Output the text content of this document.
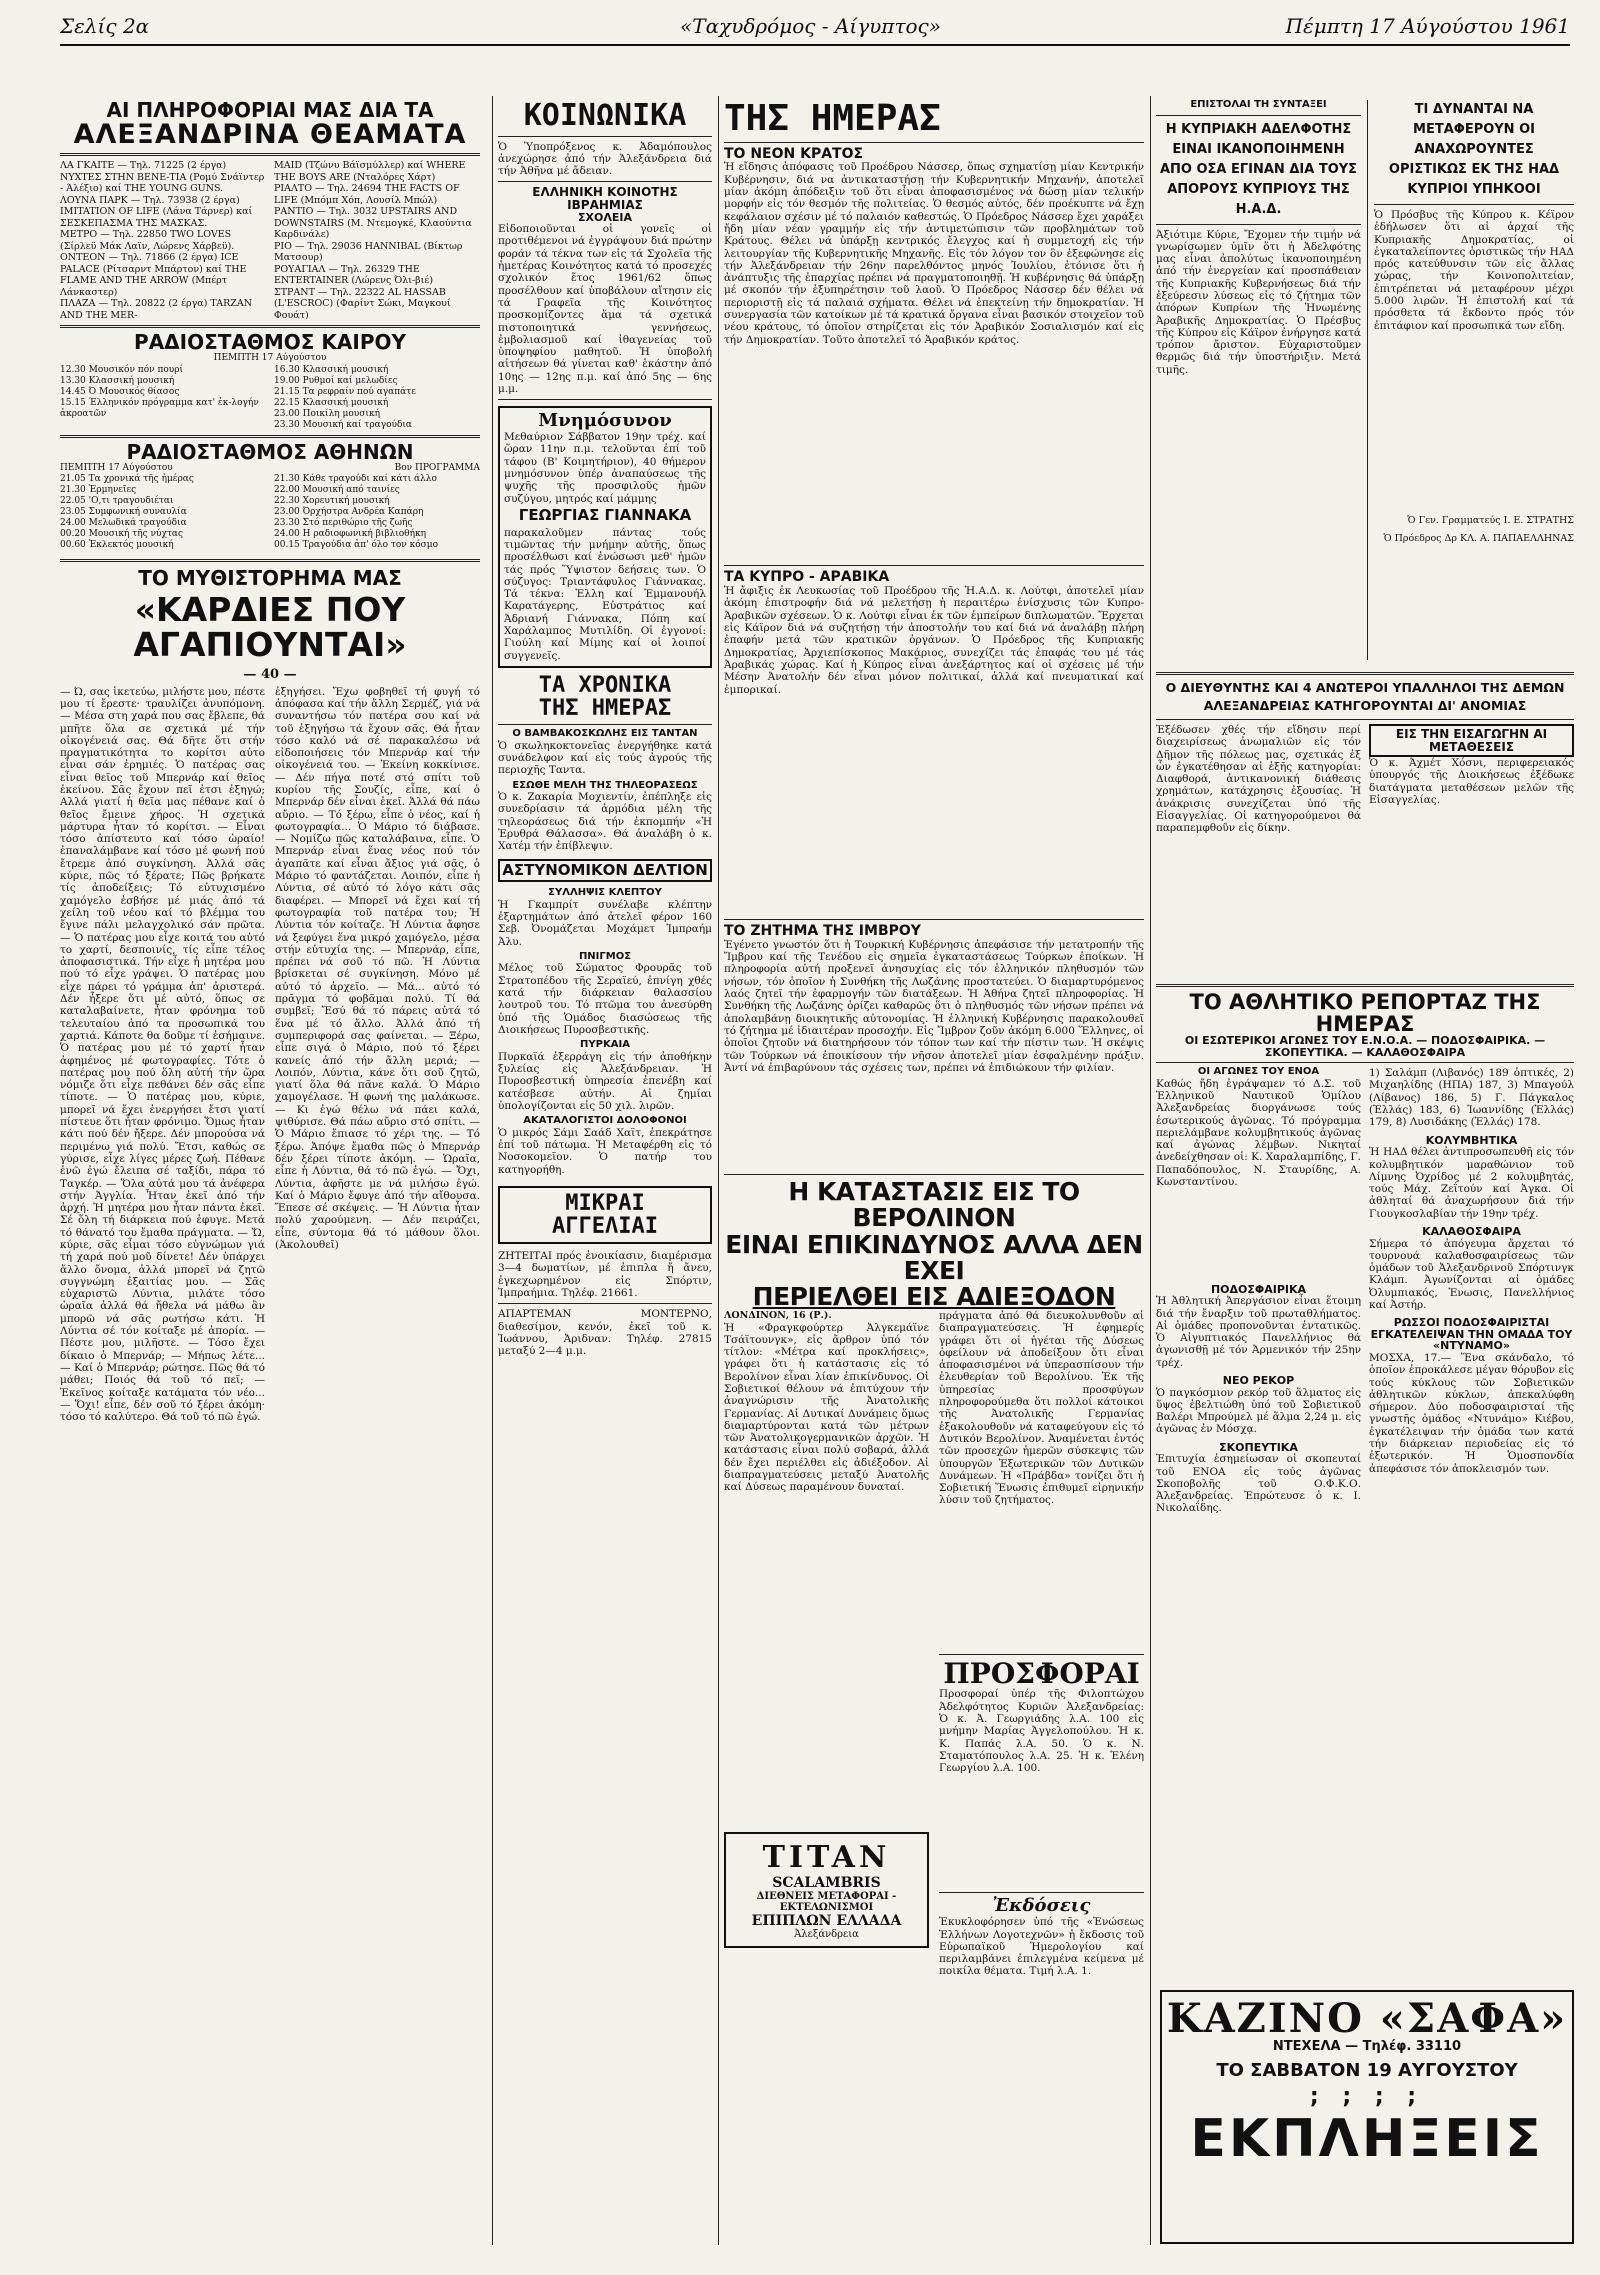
Σελίς 2α	«Ταχυδρόμος - Αίγυπτος»	Πέμπτη 17 Αύγούστου 1961
ΑΙ ΠΛΗΡΟΦΟΡΙΑΙ ΜΑΣ ΔΙΑ ΤΑ
ΑΛΕΞΑΝΔΡΙΝΑ ΘΕΑΜΑΤΑ
ΛΑ ΓΚΑΙΤΕ — Τηλ. 71225 (2 έργα) ΝΥΧΤΕΣ ΣΤΗΝ ΒΕΝΕ-ΤΙΑ (Ρομύ Σνάϊντερ - Άλέξιο) καί THE YOUNG GUNS.
ΛΟΥΝΑ ΠΑΡΚ — Τηλ. 73938 (2 έργα) IMITATION OF LIFE (Λάνα Τάρνερ) καί ΣΕΣΚΕΠΑΣΜΑ ΤΗΣ ΜΑΣΚΑΣ.
ΜΕΤΡΟ — Τηλ. 22850 TWO LOVES (Σίρλεϋ Μάκ Λαϊν, Λώρενς Χάρβεϋ).
ΟΝΤΕΟΝ — Τηλ. 71866 (2 έργα) ICE PALACE (Ρίτσαρντ Μπάρτον) καί THE FLAME AND THE ARROW (Μπέρτ Λάνκαστερ)
ΠΛΑΖΑ — Τηλ. 20822 (2 έργα) TARZAN AND THE MER-
MAID (Τζώνυ Βάϊσμύλλερ) καί WHERE THE BOYS ARE (Νταλόρες Χάρτ)
ΡΙΑΛΤΟ — Τηλ. 24694 THE FACTS OF LIFE (Μπόμπ Χόπ, Λουσίλ Μπώλ)
ΡΑΝΤΙΟ — Τηλ. 3032 UPSTAIRS AND DOWNSTAIRS (Μ. Ντεμογκέ, Κλαούντια Καρδινάλε)
ΡΙΟ — Τηλ. 29036 HANNIBAL (Βίκτωρ Ματσουρ)
ΡΟΥΑΓΙΑΛ — Τηλ. 26329 THE ENTERTAINER (Λώρενς Όλι-βιέ)
ΣΤΡΑΝΤ — Τηλ. 22322 AL HASSAB (L'ESCROC) (Φαρίντ Σώκι, Μαγκουί Φουάτ)
ΡΑΔΙΟΣΤΑΘΜΟΣ ΚΑΙΡΟΥ
ΠΕΜΠΤΗ 17 Αύγούστου
12.30 Μουσικόν πόν πουρί
13.30 Κλασσική μουσική
14.45 Ό Μουσικός θίασος
15.15 Έλληνικόν πρόγραμμα κατ' ἐκ-λογήν ἀκροατῶν
16.30 Κλασσική μουσική
19.00 Ρυθμοί καί μελωδίες
21.15 Τα ρεφραίν πού αγαπάτε
22.15 Κλασσική μουσική
23.00 Ποικίλη μουσική
23.30 Μουσική καί τραγούδια
ΡΑΔΙΟΣΤΑΘΜΟΣ ΑΘΗΝΩΝ
ΠΕΜΠΤΗ 17 Αύγούστου	Βον ΠΡΟΓΡΑΜΜΑ
21.05 Τα χρονικά τῆς ἡμέρας
21.30 Ἐρμηνεῖες
22.05 'Ο,τι τραγουδιέται
23.05 Συμφωνική συναυλία
24.00 Μελωδικά τραγούδια
00.20 Μουσική τῆς νύχτας
00.60 Ἐκλεκτός μουσική
21.30 Κάθε τραγούδι καί κάτι άλλο
22.00 Μουσική από ταινίες
22.30 Χορευτική μουσική
23.00 Όρχήστρα Ανδρέα Καπάρη
23.30 Στό περιθώριο τῆς ζωῆς
24.00 Η ραδιοφωνική βιβλιοθήκη
00.15 Τραγούδια ἀπ' όλο τον κόσμο
ΤΟ ΜΥΘΙΣΤΟΡΗΜΑ ΜΑΣ
«ΚΑΡΔΙΕΣ ΠΟΥ ΑΓΑΠΙΟΥΝΤΑΙ»
— 40 —
— Ώ, σας ἱκετεύω, μιλήστε μου, πέστε μου τί ἔρεστε· τραυλίζει ἀνυπόμονη. — Μέσα στη χαρά που σας ἔβλεπε, θά μπῆτε ὅλα σε σχετικά μέ τήν οἰκογένειά σας. Θά δῆτε ὅτι στήν πραγματικότητα το κορίτσι αὐτο εἶναι σάν ἐρημιές. Ὁ πατέρας σας εἶναι θεῖος τοῦ Μπερνάρ καί θεῖος ἐκείνου. Σᾶς ἔχουν πεῖ ἐτσι ἐξηγώ; Αλλά γιατί ἡ θεῖα μας πέθανε καί ὁ θεῖος ἔμεινε χήρος. Ἡ σχετικά μάρτυρα ἦταν τό κορίτσι. — Εἶναι τόσο ἀπίστευτο καί τόσο ὡραίο! ἐπαναλάμβανε καί τόσο μέ φωνή πού ἔτρεμε ἀπό συγκίνηση. Ἀλλά σᾶς κύριε, πῶς τό ξέρατε; Πῶς βρήκατε τίς ἀποδείξεις; Τό εὐτυχισμένο χαμόγελο ἐσβήσε μέ μιάς ἀπό τά χείλη τοῦ νέου καί τό βλέμμα του ἔγινε πάλι μελαγχολικό σάν πρῶτα. — Ὁ πατέρας μου εἶχε κοιτά του αὐτό το χαρτί, δεσποινίς, τίς εἶπε τέλος ἀποφασιστικά. Τήν εἶχε ἡ μητέρα μου πού τό εἶχε γράψει. Ὁ πατέρας μου εἶχε πάρει τό γράμμα ἀπ' ἀριστερά. Δέν ἦξερε ὅτι μέ αὐτό, ὅπως σε καταλαβαίνετε, ἦταν φρόνημα τοῦ τελευταίου ἀπό τα προσωπικά του χαρτιά. Κάποτε θα δοῦμε τί ἐσήμαινε. Ὁ πατέρας μου μέ τό χαρτί ἦταν ἀφημένος μέ φωτογραφίες. Τότε ὁ πατέρας μου πού ὅλη αὐτή τήν ὥρα νόμιζε ὅτι εἶχε πεθάνει δέν σᾶς εἶπε τίποτε. — Ὁ πατέρας μου, κύριε, μπορεῖ νά ἔχει ἐνεργήσει ἔτσι γιατί πίστευε ὅτι ἦταν φρόνιμο. Ὅμως ἦταν κάτι πού δέν ἤξερε. Δέν μπορούσα νά περιμένω γιά πολύ. Ἔτσι, καθώς σε γύρισε, εἶχε λίγες μέρες ζωή. Πέθανε ἐνῶ ἐγώ ἔλειπα σέ ταξίδι, πάρα τό Ταγκέρ. — Ὅλα αὐτά μου τά ἀνέφερα στήν Ἀγγλία. Ἦταν ἐκεῖ ἀπό τήν ἀρχή. Ἡ μητέρα μου ἦταν πάντα ἐκεῖ. Σέ ὅλη τή διάρκεια πού ἐφυγε. Μετά τό θάνατό του ἔμαθα πράγματα. — Ὤ, κύριε, σᾶς εἶμαι τόσο εὐγνώμων γιά τή χαρά πού μοῦ δίνετε! Δέν ὑπάρχει ἄλλο ὄνομα, ἀλλά μπορεῖ νά ζητῶ συγγνώμη ἐξαιτίας μου. — Σᾶς εὐχαριστῶ Λύντια, μιλάτε τόσο ὡραῖα ἀλλά θά ἤθελα νά μάθω ἂν μπορῶ νά σᾶς ρωτήσω κάτι. Ἡ Λύντια σέ τόν κοίταξε μέ ἀπορία. — Πέστε μου, μιλῆστε. — Τόσο ἔχει δίκαιο ὁ Μπερνάρ; — Μήπως λέτε... — Καί ὁ Μπερνάρ; ρώτησε. Πῶς θά τό μάθει; Ποιός θά τοῦ τό πεῖ; — Ἐκεῖνος κοίταξε κατάματα τόν νέο... — Ὅχι! εἶπε, δέν σοῦ τό ξέρει ἀκόμη· τόσο τό καλύτερο. Θά τοῦ τό πῶ ἐγώ.
ἐξηγήσει. Ἔχω φοβηθεῖ τή φυγή τό ἀπόφασα καί τήν ἄλλη Σερμέζ, γιά νά συναντήσω τόν πατέρα σου καί νά τοῦ ἐξηγήσω τά ἔχουν σᾶς. Θά ἦταν τόσο καλό νά σέ παρακαλέσω νά εἰδοποιήσεις τόν Μπερνάρ καί τήν οἰκογένειά του. — Ἐκείνη κοκκίνισε. — Δέν πήγα ποτέ στό σπίτι τοῦ κυρίου τῆς Σουζίς, εἶπε, καί ὁ Μπερνάρ δέν εἶναι ἐκεῖ. Ἀλλά θά πάω αὔριο. — Τό ξέρω, εἶπε ὁ νέος, καί ἡ φωτογραφία... Ὁ Μάριο τό διάβασε. — Νομίζω πῶς καταλάβαινα, εἶπε. Ὁ Μπερνάρ εἶναι ἕνας νέος πού τόν ἀγαπᾶτε καί εἶναι ἄξιος γιά σᾶς, ὁ Μάριο τό φαντάζεται. Λοιπόν, εἶπε ἡ Λύντια, σέ αὐτό τό λόγο κάτι σᾶς διαφέρει. — Μπορεῖ νά ἔχει καί τή φωτογραφία τοῦ πατέρα του; Ἡ Λύντια τόν κοίταζε. Ἡ Λύντια ἄφησε νά ξεφύγει ἕνα μικρό χαμόγελο, μέσα στήν εὐτυχία της. — Μπερνάρ, εἶπε, πρέπει νά σοῦ τό πῶ. Ἡ Λύντια βρίσκεται σέ συγκίνηση. Μόνο μέ αὐτό τό ἀρχεῖο. — Μά... αὐτό τό πρᾶγμα τό φοβᾶμαι πολύ. Τί θά συμβεῖ; Ἔσύ θά τό πάρεις αὐτά τό ἕνα μέ τό ἄλλο. Ἀλλά ἀπό τή συμπεριφορά σας φαίνεται. — Ξέρω, εἶπε σιγά ὁ Μάριο, πού τό ξέρει κανείς ἀπό τήν ἄλλη μεριά; — Λοιπόν, Λύντια, κάνε ὅτι σοῦ ζητῶ, γιατί ὅλα θά πᾶνε καλά. Ὁ Μάριο χαμογέλασε. Ἡ φωνή της μαλάκωσε. — Κι ἐγώ θέλω νά πάει καλά, ψιθύρισε. Θά πάω αὔριο στό σπίτι. — Ὁ Μάριο ἔπιασε τό χέρι της. — Τό ξέρω. Ἀπόψε ἔμαθα πῶς ὁ Μπερνάρ δέν ξέρει τίποτε ἀκόμη. — Ὡραῖα, εἶπε ἡ Λύντια, θά τό πῶ ἐγώ. — Ὄχι, Λύντια, ἀφῆστε με νά μιλήσω ἐγώ. Καί ὁ Μάριο ἔφυγε ἀπό τήν αἴθουσα. Ἔπεσε σέ σκέψεις. — Ἡ Λύντια ἦταν πολύ χαρούμενη. — Δέν πειράζει, εἶπε, σύντομα θά τό μάθουν ὅλοι. (Ἀκολουθεῖ)
ΚΟΙΝΩΝΙΚΑ
Ὁ Ὑποπρόξενος κ. Ἀδαμόπουλος ἀνεχώρησε ἀπό τήν Ἀλεξάνδρεια διά τήν Ἀθῆνα μέ ἄδειαν.
ΕΛΛΗΝΙΚΗ ΚΟΙΝΟΤΗΣ ΙΒΡΑΗΜΙΑΣ
ΣΧΟΛΕΙΑ
Εἰδοποιοῦνται οἱ γονεῖς οἱ προτιθέμενοι νά ἐγγράψουν διά πρώτην φοράν τά τέκνα των εἰς τά Σχολεῖα τῆς ἡμετέρας Κοινότητος κατά τό προσεχές σχολικόν ἔτος 1961/62 ὅπως προσέλθουν καί ὑποβάλουν αἴτησιν εἰς τά Γραφεῖα τῆς Κοινότητος προσκομίζοντες ἅμα τά σχετικά πιστοποιητικά γεννήσεως, ἐμβολιασμοῦ καί ἰθαγενείας τοῦ ὑποψηφίου μαθητοῦ. Ἡ ὑποβολή αἰτήσεων θά γίνεται καθ' ἑκάστην ἀπό 10ης — 12ης π.μ. καί ἀπό 5ης — 6ης μ.μ.
Μνημόσυνον
Μεθαύριον Σάββατον 19ην τρέχ. καί ὥραν 11ην π.μ. τελοῦνται ἐπί τοῦ τάφου (Β' Κοιμητήριον), 40 θήμερον μνημόσυνον ὑπέρ ἀναπαύσεως τῆς ψυχῆς τῆς προσφιλοῦς ἡμῶν συζύγου, μητρός καί μάμμης
ΓΕΩΡΓΙΑΣ ΓΙΑΝΝΑΚΑ
παρακαλοῦμεν πάντας τούς τιμῶντας τήν μνήμην αὐτῆς, ὅπως προσέλθωσι καί ἑνώσωσι μεθ' ἡμῶν τάς πρός Ὕψιστον δεήσεις των. Ὁ σύζυγος: Τριαντάφυλος Γιάννακας. Τά τέκνα: Ἐλλη καί Ἐμμανουήλ Καρατάγερης, Εὐστράτιος καί Ἀδριανή Γιάννακα, Πόπη καί Χαράλαμπος Μυτιλίδη. Οἱ ἐγγονοί: Γιούλη καί Μίμης καί οἱ λοιποί συγγενεῖς.
ΤΑ ΧΡΟΝΙΚΑ
ΤΗΣ ΗΜΕΡΑΣ
Ο ΒΑΜΒΑΚΟΣΚΩΛΗΣ ΕΙΣ ΤΑΝΤΑΝ
Ὁ σκωληκοκτονεῖας ἐνεργήθηκε κατά συνάδελφον καί εἰς τούς ἀγρούς τῆς περιοχῆς Ταντα.
ΕΣΩΘΕ ΜΕΛΗ ΤΗΣ ΤΗΛΕΟΡΑΣΕΩΣ
Ὁ κ. Ζακαρία Μοχιεντίν, ἐπέπληξε εἰς συνεδρίασιν τά ἀρμόδια μέλη τῆς τηλεοράσεως διά τήν ἐκπομπήν «Ἡ Ἐρυθρά Θάλασσα». Θά ἀναλάβη ὁ κ. Χατέμ τήν ἐπίβλεψιν.
ΑΣΤΥΝΟΜΙΚΟΝ ΔΕΛΤΙΟΝ
ΣΥΛΛΗΨΙΣ ΚΛΕΠΤΟΥ
Ἡ Γκαμπρίτ συνέλαβε κλέπτην ἐξαρτημάτων ἀπό ἀτελεῖ φέρον 160 Σεβ. Ὀνομάζεται Μοχάμετ Ἰμπραήμ Ἀλυ.
ΠΝΙΓΜΟΣ
Μέλος τοῦ Σώματος Φρουρᾶς τοῦ Στρατοπέδου τῆς Σεραϊεύ, ἐπνίγη χθές κατά τήν διάρκειαν θαλασσίου λουτροῦ του. Τό πτῶμα του ἀνεσύρθη ὑπό τῆς Ὁμάδος διασώσεως τῆς Διοικήσεως Πυροσβεστικῆς.
ΠΥΡΚΑΙΑ
Πυρκαϊά ἐξερράγη εἰς τήν ἀποθήκην ξυλείας εἰς Ἀλεξάνδρειαν. Ἡ Πυροσβεστική ὑπηρεσία ἐπενέβη καί κατέσβεσε αὐτήν. Αἱ ζημίαι ὑπολογίζονται εἰς 50 χιλ. λιρῶν.
ΑΚΑΤΑΛΟΓΙΣΤΟΙ ΔΟΛΟΦΟΝΟΙ
Ὁ μικρός Σάμι Σαάδ Χαϊτ, ἐπεκράτησε ἐπί τοῦ πάτωμα. Ἡ Μεταφέρθη εἰς τό Νοσοκομεῖον. Ὁ πατήρ του κατηγορήθη.
ΜΙΚΡΑΙ
ΑΓΓΕΛΙΑΙ
ΖΗΤΕΙΤΑΙ πρός ἐνοικίασιν, διαμέρισμα 3—4 δωματίων, μέ ἐπιπλα ἤ ἄνευ, ἐγκεχωρημένον εἰς Σπόρτιν, Ἰμπραήμια. Τηλέφ. 21661.
ΑΠΑΡΤΕΜΑΝ ΜΟΝΤΕΡΝΟ, διαθεσίμον, κενόν, ἐκεῖ τοῦ κ. Ἰωάννου, Ἀριδναν. Τηλέφ. 27815 μεταξύ 2—4 μ.μ.
ΤΗΣ ΗΜΕΡΑΣ
ΤΟ ΝΕΟΝ ΚΡΑΤΟΣ
Ἡ εἴδησις ἀπόφασις τοῦ Προέδρου Νάσσερ, ὅπως σχηματίσῃ μίαν Κεντρικήν Κυβέρνησιν, διά να ἀντικαταστήσῃ τήν Κυβερνητικήν Μηχανήν, ἀποτελεῖ μίαν ἀκόμη ἀπόδειξιν τοῦ ὅτι εἶναι ἀποφασισμένος νά δώσῃ μίαν τελικήν μορφήν εἰς τόν θεσμόν τῆς πολιτείας. Ὁ θεσμός αὐτός, δέν προέκυπτε νά ἔχῃ κεφάλαιον σχέσιν μέ τό παλαιόν καθεστώς. Ὁ Πρόεδρος Νάσσερ ἔχει χαράξει ἤδη μίαν νέαν γραμμήν εἰς τήν ἀντιμετώπισιν τῶν προβλημάτων τοῦ Κράτους. Θέλει νά ὑπάρξῃ κεντρικός ἔλεγχος καί ἡ συμμετοχή εἰς τήν λειτουργίαν τῆς Κυβερνητικῆς Μηχανῆς. Εἰς τόν λόγον τον ὃν ἐξεφώνησε εἰς τήν Ἀλεξάνδρειαν τήν 26ην παρελθόντος μηνός Ἰουλίου, ἐτόνισε ὅτι ἡ ἀνάπτυξις τῆς ἐπαρχίας πρέπει νά πραγματοποιηθῇ. Ἡ κυβέρνησις θά ὑπάρξῃ μέ σκοπόν τήν ἐξυπηρέτησιν τοῦ λαοῦ. Ὁ Πρόεδρος Νάσσερ δέν θέλει νά περιοριστῇ εἰς τά παλαιά σχήματα. Θέλει νά ἐπεκτείνῃ τήν δημοκρατίαν. Ἡ συνεργασία τῶν κατοίκων μέ τά κρατικά ὄργανα εἶναι βασικόν στοιχεῖον τοῦ νέου κράτους, τό ὁποῖον στηρίζεται εἰς τόν Ἀραβικόν Σοσιαλισμόν καί εἰς τήν Δημοκρατίαν. Τοῦτο ἀποτελεῖ τό Ἀραβικόν κράτος.
ΤΑ ΚΥΠΡΟ - ΑΡΑΒΙΚΑ
Ἡ ἄφιξις ἐκ Λευκωσίας τοῦ Προέδρου τῆς Ἠ.Α.Δ. κ. Λούτφι, ἀποτελεῖ μίαν ἀκόμη ἐπιστροφήν διά νά μελετήσῃ ἡ περαιτέρω ἐνίσχυσις τῶν Κυπρο-Ἀραβικῶν σχέσεων. Ὁ κ. Λούτφι εἶναι ἐκ τῶν ἐμπείρων διπλωματῶν. Ἔρχεται εἰς Κάϊρον διά νά συζητήσῃ τήν ἀποστολήν του καί διά νά ἀναλάβῃ πλήρη ἐπαφήν μετά τῶν κρατικῶν ὀργάνων. Ὁ Πρόεδρος τῆς Κυπριακῆς Δημοκρατίας, Ἀρχιεπίσκοπος Μακάριος, συνεχίζει τάς ἐπαφάς του μέ τάς Ἀραβικάς χώρας. Καί ἡ Κύπρος εἶναι ἀνεξάρτητος καί οἱ σχέσεις μέ τήν Μέσην Ἀνατολήν δέν εἶναι μόνον πολιτικαί, ἀλλά καί πνευματικαί καί ἐμπορικαί.
ΤΟ ΖΗΤΗΜΑ ΤΗΣ ΙΜΒΡΟΥ
Ἐγένετο γνωστόν ὅτι ἡ Τουρκική Κυβέρνησις ἀπεφάσισε τήν μετατροπήν τῆς Ἴμβρου καί τῆς Τενέδου εἰς σημεῖα ἐγκαταστάσεως Τούρκων ἐποίκων. Ἡ πληροφορία αὐτή προξενεῖ ἀνησυχίας εἰς τόν ἑλληνικόν πληθυσμόν τῶν νήσων, τόν ὁποῖον ἡ Συνθήκη τῆς Λωζάνης προστατεύει. Ὁ διαμαρτυρόμενος λαός ζητεῖ τήν ἐφαρμογήν τῶν διατάξεων. Ἡ Ἀθήνα ζητεῖ πληροφορίας. Ἡ Συνθήκη τῆς Λωζάνης ὁρίζει καθαρῶς ὅτι ὁ πληθυσμός τῶν νήσων πρέπει νά ἀπολαμβάνῃ διοικητικῆς αὐτονομίας. Ἡ ἑλληνική Κυβέρνησις παρακολουθεῖ τό ζήτημα μέ ἰδιαιτέραν προσοχήν. Εἰς Ἴμβρον ζοῦν ἀκόμη 6.000 Ἕλληνες, οἱ ὁποῖοι ζητοῦν νά διατηρήσουν τόν τόπον των καί τήν πίστιν των. Ἡ σκέψις τῶν Τούρκων νά ἐποικίσουν τήν νῆσον ἀποτελεῖ μίαν ἐσφαλμένην πράξιν. Ἀντί νά ἐπιβαρύνουν τάς σχέσεις των, πρέπει νά ἐπιδιώκουν τήν φιλίαν.
Η ΚΑΤΑΣΤΑΣΙΣ ΕΙΣ ΤΟ ΒΕΡΟΛΙΝΟΝ
ΕΙΝΑΙ ΕΠΙΚΙΝΔΥΝΟΣ ΑΛΛΑ ΔΕΝ ΕΧΕΙ
ΠΕΡΙΕΛΘΕΙ ΕΙΣ ΑΔΙΕΞΟΔΟΝ
ΛΟΝΔΙΝΟΝ, 16 (Ρ.).
Ἡ «Φραγκφούρτερ Ἀλγκεμάϊνε Τσάϊτουνγκ», εἰς ἄρθρον ὑπό τόν τίτλον: «Μέτρα καί προκλήσεις», γράφει ὅτι ἡ κατάστασις εἰς τό Βερολίνον εἶναι λίαν ἐπικίνδυνος. Οἱ Σοβιετικοί θέλουν νά ἐπιτύχουν τήν ἀναγνώρισιν τῆς Ἀνατολικῆς Γερμανίας. Αἱ Δυτικαί Δυνάμεις ὅμως διαμαρτύρονται κατά τῶν μέτρων τῶν Ἀνατολικογερμανικῶν ἀρχῶν. Ἡ κατάστασις εἶναι πολύ σοβαρά, ἀλλά δέν ἔχει περιέλθει εἰς ἀδιέξοδον. Αἱ διαπραγματεύσεις μεταξύ Ἀνατολῆς καί Δύσεως παραμένουν δυναταί.
TITAN
SCALAMBRIS
ΔΙΕΘΝΕΙΣ ΜΕΤΑΦΟΡΑΙ - ΕΚΤΕΛΩΝΙΣΜΟΙ
ΕΠΙΠΛΩΝ ΕΛΛΑΔΑ
Ἀλεξάνδρεια
πράγματα ἀπό θά διευκολυνθοῦν αἱ διαπραγματεύσεις. Ἡ ἐφημερίς γράφει ὅτι οἱ ἡγέται τῆς Δύσεως ὀφείλουν νά ἀποδείξουν ὅτι εἶναι ἀποφασισμένοι νά ὑπερασπίσουν τήν ἐλευθερίαν τοῦ Βερολίνου. Ἐκ τῆς ὑπηρεσίας προσφύγων πληροφορούμεθα ὅτι πολλοί κάτοικοι τῆς Ἀνατολικῆς Γερμανίας ἐξακολουθοῦν νά καταφεύγουν εἰς τό Δυτικόν Βερολίνον. Ἀναμένεται ἐντός τῶν προσεχῶν ἡμερῶν σύσκεψις τῶν ὑπουργῶν Ἐξωτερικῶν τῶν Δυτικῶν Δυνάμεων. Ἡ «Πράβδα» τονίζει ὅτι ἡ Σοβιετική Ἕνωσις ἐπιθυμεῖ εἰρηνικήν λύσιν τοῦ ζητήματος.
ΠΡΟΣΦΟΡΑΙ
Προσφοραί ὑπέρ τῆς Φιλοπτώχου Ἀδελφότητος Κυριῶν Ἀλεξανδρείας: Ὁ κ. Ἀ. Γεωργιάδης λ.Α. 100 εἰς μνήμην Μαρίας Ἀγγελοπούλου. Ἡ κ. Κ. Παπάς λ.Α. 50. Ὁ κ. Ν. Σταματόπουλος λ.Α. 25. Ἡ κ. Ἑλένη Γεωργίου λ.Α. 100.
Ἐκδόσεις
Ἐκυκλοφόρησεν ὑπό τῆς «Ἑνώσεως Ἑλλήνων Λογοτεχνῶν» ἡ ἔκδοσις τοῦ Εὐρωπαϊκοῦ Ἡμερολογίου καί περιλαμβάνει ἐπιλεγμένα κείμενα μέ ποικίλα θέματα. Τιμή λ.Α. 1.
ΕΠΙΣΤΟΛΑΙ ΤΗ ΣΥΝΤΑΞΕΙ
Η ΚΥΠΡΙΑΚΗ ΑΔΕΛΦΟΤΗΣ ΕΙΝΑΙ ΙΚΑΝΟΠΟΙΗΜΕΝΗ ΑΠΟ ΟΣΑ ΕΓΙΝΑΝ ΔΙΑ ΤΟΥΣ ΑΠΟΡΟΥΣ ΚΥΠΡΙΟΥΣ ΤΗΣ Η.Α.Δ.
Ἀξιότιμε Κύριε, Ἔχομεν τήν τιμήν νά γνωρίσωμεν ὑμῖν ὅτι ἡ Ἀδελφότης μας εἶναι ἀπολύτως ἱκανοποιημένη ἀπό τήν ἐνεργείαν καί προσπάθειαν τῆς Κυπριακῆς Κυβερνήσεως διά τήν ἐξεύρεσιν λύσεως εἰς τό ζήτημα τῶν ἀπόρων Κυπρίων τῆς Ἠνωμένης Ἀραβικῆς Δημοκρατίας. Ὁ Πρέσβυς τῆς Κύπρου εἰς Κάϊρον ἐνήργησε κατά τρόπον ἄριστον. Εὐχαριστοῦμεν θερμῶς διά τήν ὑποστήριξιν. Μετά τιμῆς.
ΤΙ ΔΥΝΑΝΤΑΙ ΝΑ ΜΕΤΑΦΕΡΟΥΝ ΟΙ ΑΝΑΧΩΡΟΥΝΤΕΣ ΟΡΙΣΤΙΚΩΣ ΕΚ ΤΗΣ ΗΑΔ ΚΥΠΡΙΟΙ ΥΠΗΚΟΟΙ
Ὁ Πρόσβυς τῆς Κύπρου κ. Κέϊρον ἐδήλωσεν ὅτι αἱ ἀρχαί τῆς Κυπριακῆς Δημοκρατίας, οἱ ἐγκαταλείποντες ὁριστικῶς τήν ΗΑΔ πρός κατεύθυνσιν τῶν εἰς ἄλλας χώρας, τήν Κοινοπολιτείαν, ἐπιτρέπεται νά μεταφέρουν μέχρι 5.000 λιρῶν. Ἡ ἐπιστολή καί τά πρόσθετα τά ἔκδοντο πρός τόν ἐπιτάφιον καί προσωπικά των εἴδη.
Ὁ Γεν. Γραμματεύς Ι. Ε. ΣΤΡΑΤΗΣ
Ὁ Πρόεδρος Δρ ΚΛ. Α. ΠΑΠΑΕΛΛΗΝΑΣ
Ο ΔΙΕΥΘΥΝΤΗΣ ΚΑΙ 4 ΑΝΩΤΕΡΟΙ ΥΠΑΛΛΗΛΟΙ ΤΗΣ ΔΕΜΩΝ ΑΛΕΞΑΝΔΡΕΙΑΣ ΚΑΤΗΓΟΡΟΥΝΤΑΙ ΔΙ' ΑΝΟΜΙΑΣ
Ἐξέδωσεν χθές τήν εἴδησιν περί διαχειρίσεως ἀνωμαλιῶν εἰς τόν Δῆμον τῆς πόλεως μας, σχετικάς ἐξ ὧν ἐγκατέθησαν αἱ ἑξῆς κατηγορίαι: Διαφθορά, ἀντικανονική διάθεσις χρημάτων, κατάχρησις ἐξουσίας. Ἡ ἀνάκρισις συνεχίζεται ὑπό τῆς Εἰσαγγελίας. Οἱ κατηγορούμενοι θά παραπεμφθοῦν εἰς δίκην.
ΕΙΣ ΤΗΝ ΕΙΣΑΓΩΓΗΝ ΑΙ ΜΕΤΑΘΕΣΕΙΣ
Ὁ κ. Ἀχμέτ Χόσνι, περιφερειακός ὑπουργός τῆς Διοικήσεως ἐξέδωκε διατάγματα μεταθέσεων μελῶν τῆς Εἰσαγγελίας.
ΤΟ ΑΘΛΗΤΙΚΟ ΡΕΠΟΡΤΑΖ ΤΗΣ ΗΜΕΡΑΣ
ΟΙ ΕΣΩΤΕΡΙΚΟΙ ΑΓΩΝΕΣ ΤΟΥ Ε.Ν.Ο.Α. — ΠΟΔΟΣΦΑΙΡΙΚΑ. — ΣΚΟΠΕΥΤΙΚΑ. — ΚΑΛΑΘΟΣΦΑΙΡΑ
ΟΙ ΑΓΩΝΕΣ ΤΟΥ ΕΝΟΑ
Καθώς ἤδη ἐγράψαμεν τό Δ.Σ. τοῦ Ἑλληνικοῦ Ναυτικοῦ Ὁμίλου Ἀλεξανδρείας διοργάνωσε τούς ἐσωτερικούς ἀγῶνας. Τό πρόγραμμα περιελάμβανε κολυμβητικούς ἀγῶνας καί ἀγώνας λέμβων. Νικηταί ἀνεδείχθησαν οἱ: Κ. Χαραλαμπίδης, Γ. Παπαδόπουλος, Ν. Σταυρίδης, Α. Κωνσταντίνου.
ΠΟΔΟΣΦΑΙΡΙΚΑ
Ἡ Ἀθλητική Ἀπεργάσιον εἶναι ἕτοιμη διά τήν ἔναρξιν τοῦ πρωταθλήματος. Αἱ ὁμάδες προπονοῦνται ἐντατικῶς. Ὁ Αἰγυπτιακός Πανελλήνιος θά ἀγωνισθῇ μέ τόν Ἀρμενικόν τήν 25ην τρέχ.
ΝΕΟ ΡΕΚΟΡ
Ὁ παγκόσμιον ρεκόρ τοῦ ἅλματος εἰς ὕψος ἐβελτιώθη ὑπό τοῦ Σοβιετικοῦ Βαλέρι Μπρούμελ μέ ἅλμα 2,24 μ. εἰς ἀγῶνας ἐν Μόσχᾳ.
ΣΚΟΠΕΥΤΙΚΑ
Ἐπιτυχία ἐσημείωσαν οἱ σκοπευταί τοῦ ΕΝΟΑ εἰς τούς ἀγῶνας Σκοποβολῆς τοῦ Ο.Φ.Κ.Ο. Ἀλεξανδρείας. Ἐπρώτευσε ὁ κ. Ι. Νικολαΐδης.
1) Σαλάμπ (Λιβανός) 189 ὀπτικές, 2) Μιχαηλίδης (ΗΠΑ) 187, 3) Μπαγούλ (Λίβανος) 186, 5) Γ. Πάγκαλος (Ἑλλάς) 183, 6) Ἰωαννίδης (Ἑλλάς) 179, 8) Λυσιδάκης (Ἑλλάς) 178.
ΚΟΛΥΜΒΗΤΙΚΑ
Ἡ ΗΑΔ θέλει ἀντιπροσωπευθῆ εἰς τόν κολυμβητικόν μαραθώνιον τοῦ Λίμνης Ὀχρίδος μέ 2 κολυμβητάς, τούς Μάχ. Ζεΐτούν καί Ἀγκα. Οἱ ἀθληταί θά ἀναχωρήσουν διά τήν Γιουγκοσλαβίαν τήν 19ην τρέχ.
ΚΑΛΑΘΟΣΦΑΙΡΑ
Σήμερα τό ἀπόγευμα ἄρχεται τό τουρνουά καλαθοσφαιρίσεως τῶν ὁμάδων τοῦ Ἀλεξανδρινοῦ Σπόρτινγκ Κλάμπ. Ἀγωνίζονται αἱ ὁμάδες Ὀλυμπιακός, Ἐνωσις, Πανελλήνιος καί Ἀστήρ.
ΡΩΣΣΟΙ ΠΟΔΟΣΦΑΙΡΙΣΤΑΙ ΕΓΚΑΤΕΛΕΙΨΑΝ ΤΗΝ ΟΜΑΔΑ ΤΟΥ «ΝΤΥΝΑΜΟ»
ΜΟΣΧΑ, 17.— Ἕνα σκάνδαλο, τό ὁποῖον ἐπροκάλεσε μέγαν θόρυβον εἰς τούς κύκλους τῶν Σοβιετικῶν ἀθλητικῶν κύκλων, ἀπεκαλύφθη σήμερον. Δύο ποδοσφαιρισταί τῆς γνωστῆς ὁμάδος «Ντυνάμο» Κιέβου, ἐγκατέλειψαν τήν ὁμάδα των κατά τήν διάρκειαν περιοδείας εἰς τό ἐξωτερικόν. Ἡ Ὁμοσπονδία ἀπεφάσισε τόν ἀποκλεισμόν των.
ΚΑΖΙΝΟ «ΣΑΦΑ»
ΝΤΕΧΕΛΑ — Τηλέφ. 33110
ΤΟ ΣΑΒΒΑΤΟΝ 19 ΑΥΓΟΥΣΤΟΥ
; ; ; ;
ΕΚΠΛΗΞΕΙΣ
